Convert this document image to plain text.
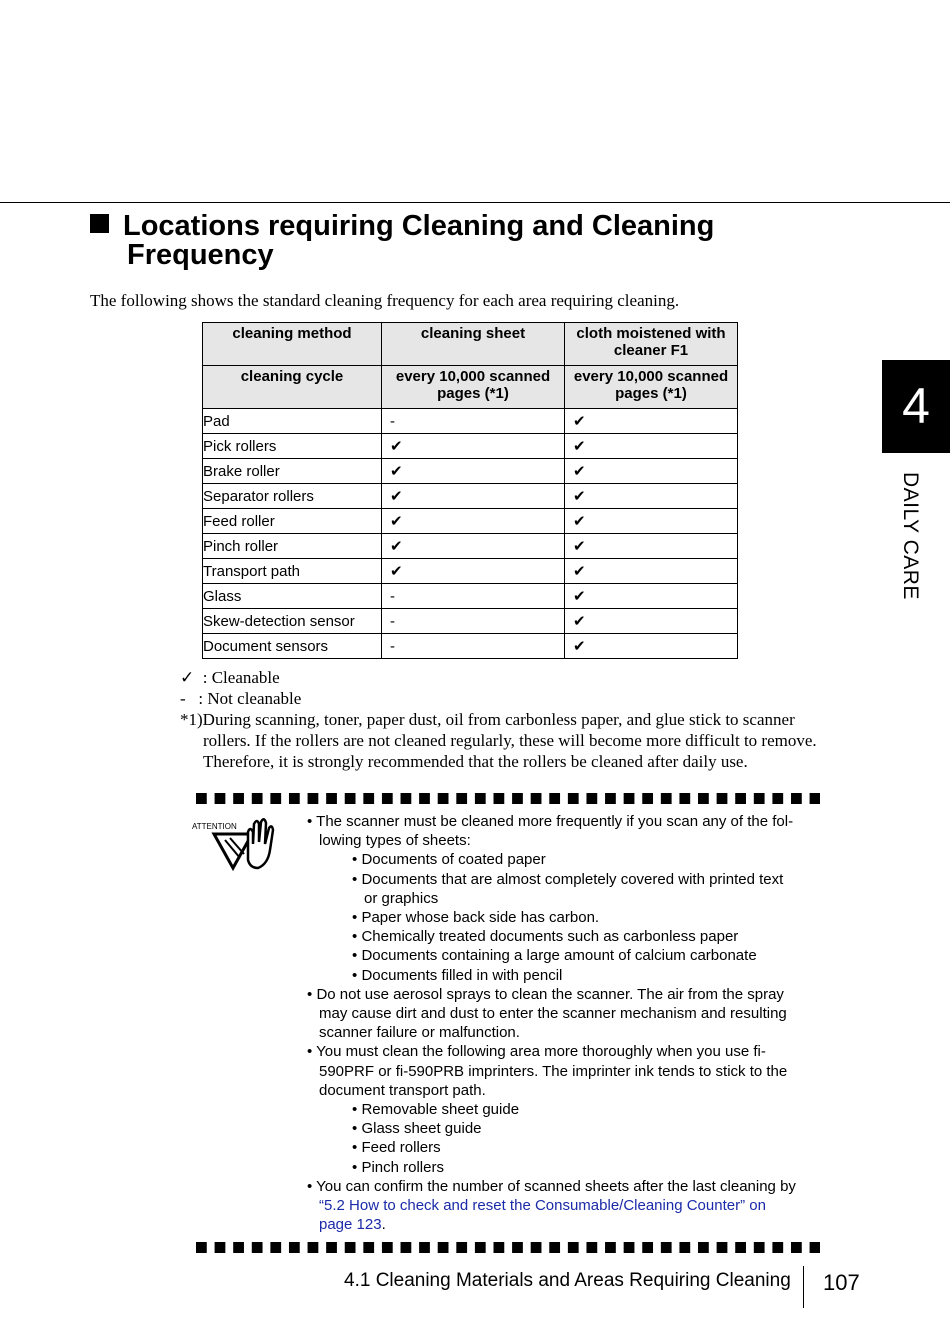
Locations requiring Cleaning and Cleaning
Frequency
The following shows the standard cleaning frequency for each area requiring cleaning.
cleaning method	cleaning sheet	cloth moistened with cleaner F1
cleaning cycle	every 10,000 scanned pages (*1)	every 10,000 scanned pages (*1)
Pad	-	✔
Pick rollers	✔	✔
Brake roller	✔	✔
Separator rollers	✔	✔
Feed roller	✔	✔
Pinch roller	✔	✔
Transport path	✔	✔
Glass	-	✔
Skew-detection sensor	-	✔
Document sensors	-	✔
✓ : Cleanable
- : Not cleanable
*1)During scanning, toner, paper dust, oil from carbonless paper, and glue stick to scanner
rollers. If the rollers are not cleaned regularly, these will become more difficult to remove.
Therefore, it is strongly recommended that the rollers be cleaned after daily use.
ATTENTION	• The scanner must be cleaned more frequently if you scan any of the fol-
lowing types of sheets:
• Documents of coated paper
• Documents that are almost completely covered with printed text
or graphics
• Paper whose back side has carbon.
• Chemically treated documents such as carbonless paper
• Documents containing a large amount of calcium carbonate
• Documents filled in with pencil
• Do not use aerosol sprays to clean the scanner. The air from the spray
may cause dirt and dust to enter the scanner mechanism and resulting
scanner failure or malfunction.
• You must clean the following area more thoroughly when you use fi-
590PRF or fi-590PRB imprinters. The imprinter ink tends to stick to the
document transport path.
• Removable sheet guide
• Glass sheet guide
• Feed rollers
• Pinch rollers
• You can confirm the number of scanned sheets after the last cleaning by
“5.2 How to check and reset the Consumable/Cleaning Counter” on
page 123.
4
DAILY CARE
4.1 Cleaning Materials and Areas Requiring Cleaning 107
